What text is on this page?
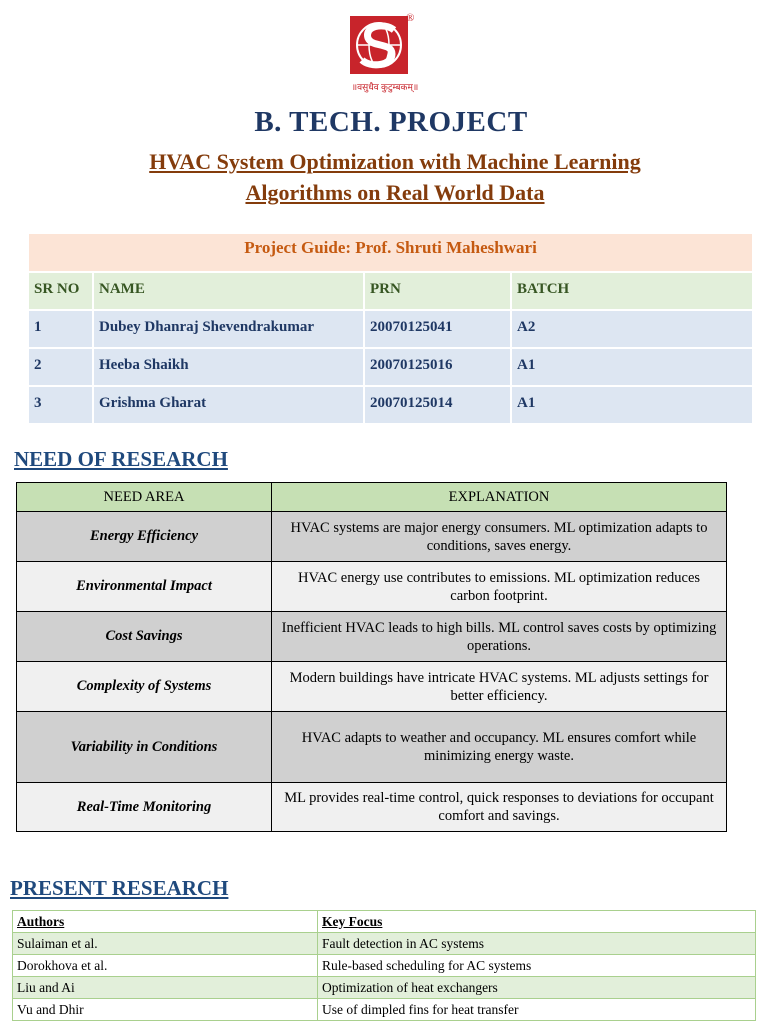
®
॥वसुधैव कुटुम्बकम्॥
B. TECH. PROJECT
HVAC System Optimization with Machine Learning
Algorithms on Real World Data
Project Guide: Prof. Shruti Maheshwari
SR NO	NAME	PRN	BATCH
1	Dubey Dhanraj Shevendrakumar	20070125041	A2
2	Heeba Shaikh	20070125016	A1
3	Grishma Gharat	20070125014	A1
NEED OF RESEARCH
NEED AREA	EXPLANATION
Energy Efficiency	HVAC systems are major energy consumers. ML optimization adapts to conditions, saves energy.
Environmental Impact	HVAC energy use contributes to emissions. ML optimization reduces carbon footprint.
Cost Savings	Inefficient HVAC leads to high bills. ML control saves costs by optimizing operations.
Complexity of Systems	Modern buildings have intricate HVAC systems. ML adjusts settings for better efficiency.
Variability in Conditions	HVAC adapts to weather and occupancy. ML ensures comfort while minimizing energy waste.
Real-Time Monitoring	ML provides real-time control, quick responses to deviations for occupant comfort and savings.
PRESENT RESEARCH
Authors	Key Focus
Sulaiman et al.	Fault detection in AC systems
Dorokhova et al.	Rule-based scheduling for AC systems
Liu and Ai	Optimization of heat exchangers
Vu and Dhir	Use of dimpled fins for heat transfer
